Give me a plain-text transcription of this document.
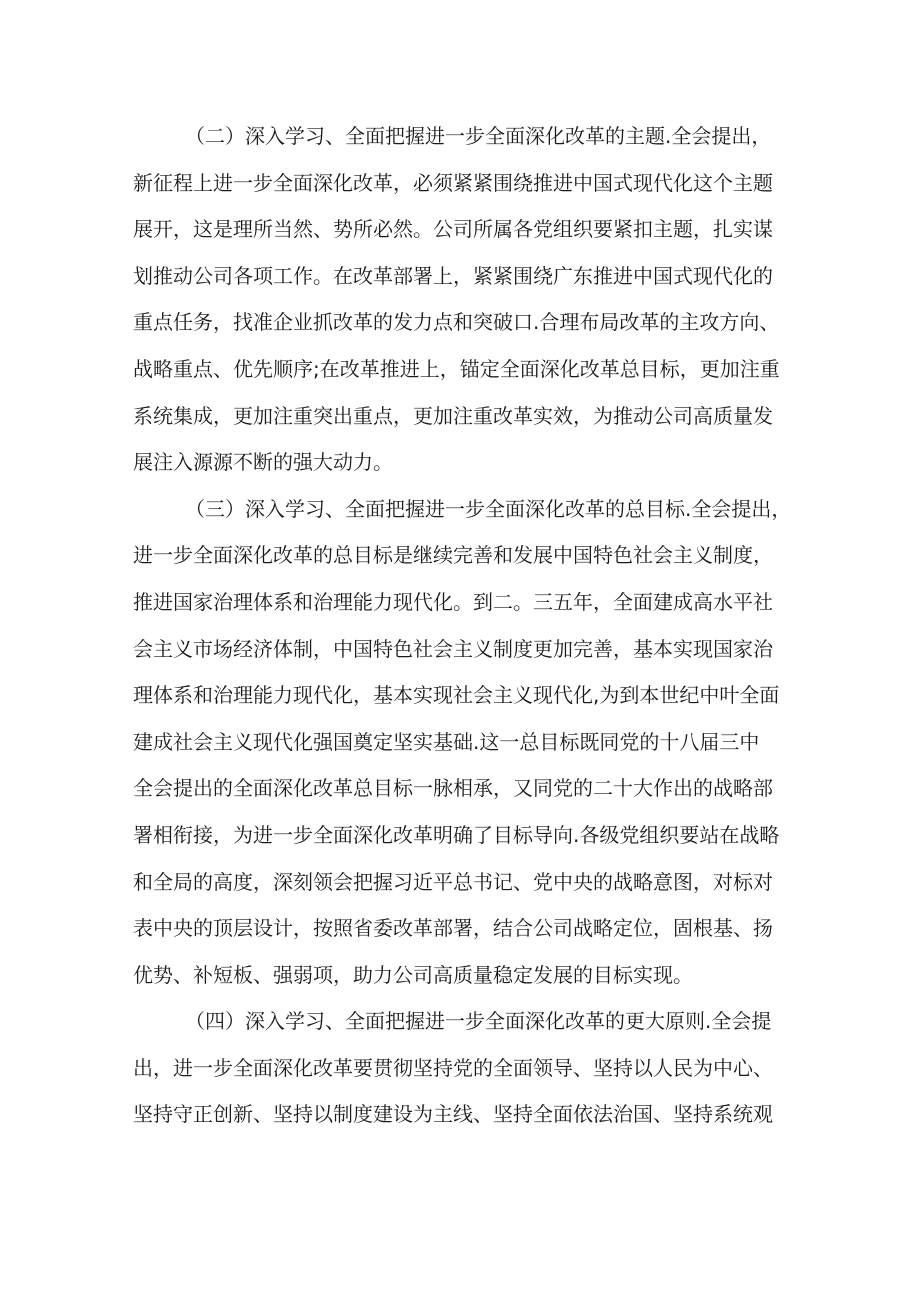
（二）深入学习、全面把握进一步全面深化改革的主题.全会提出，
新征程上进一步全面深化改革，必须紧紧围绕推进中国式现代化这个主题
展开，这是理所当然、势所必然。公司所属各党组织要紧扣主题，扎实谋
划推动公司各项工作。在改革部署上，紧紧围绕广东推进中国式现代化的
重点任务，找准企业抓改革的发力点和突破口.合理布局改革的主攻方向、
战略重点、优先顺序;在改革推进上，锚定全面深化改革总目标，更加注重
系统集成，更加注重突出重点，更加注重改革实效，为推动公司高质量发
展注入源源不断的强大动力。
（三）深入学习、全面把握进一步全面深化改革的总目标.全会提出，
进一步全面深化改革的总目标是继续完善和发展中国特色社会主义制度，
推进国家治理体系和治理能力现代化。到二。三五年，全面建成高水平社
会主义市场经济体制，中国特色社会主义制度更加完善，基本实现国家治
理体系和治理能力现代化，基本实现社会主义现代化,为到本世纪中叶全面
建成社会主义现代化强国奠定坚实基础.这一总目标既同党的十八届三中
全会提出的全面深化改革总目标一脉相承，又同党的二十大作出的战略部
署相衔接，为进一步全面深化改革明确了目标导向.各级党组织要站在战略
和全局的高度，深刻领会把握习近平总书记、党中央的战略意图，对标对
表中央的顶层设计，按照省委改革部署，结合公司战略定位，固根基、扬
优势、补短板、强弱项，助力公司高质量稳定发展的目标实现。
（四）深入学习、全面把握进一步全面深化改革的更大原则.全会提
出，进一步全面深化改革要贯彻坚持党的全面领导、坚持以人民为中心、
坚持守正创新、坚持以制度建设为主线、坚持全面依法治国、坚持系统观
